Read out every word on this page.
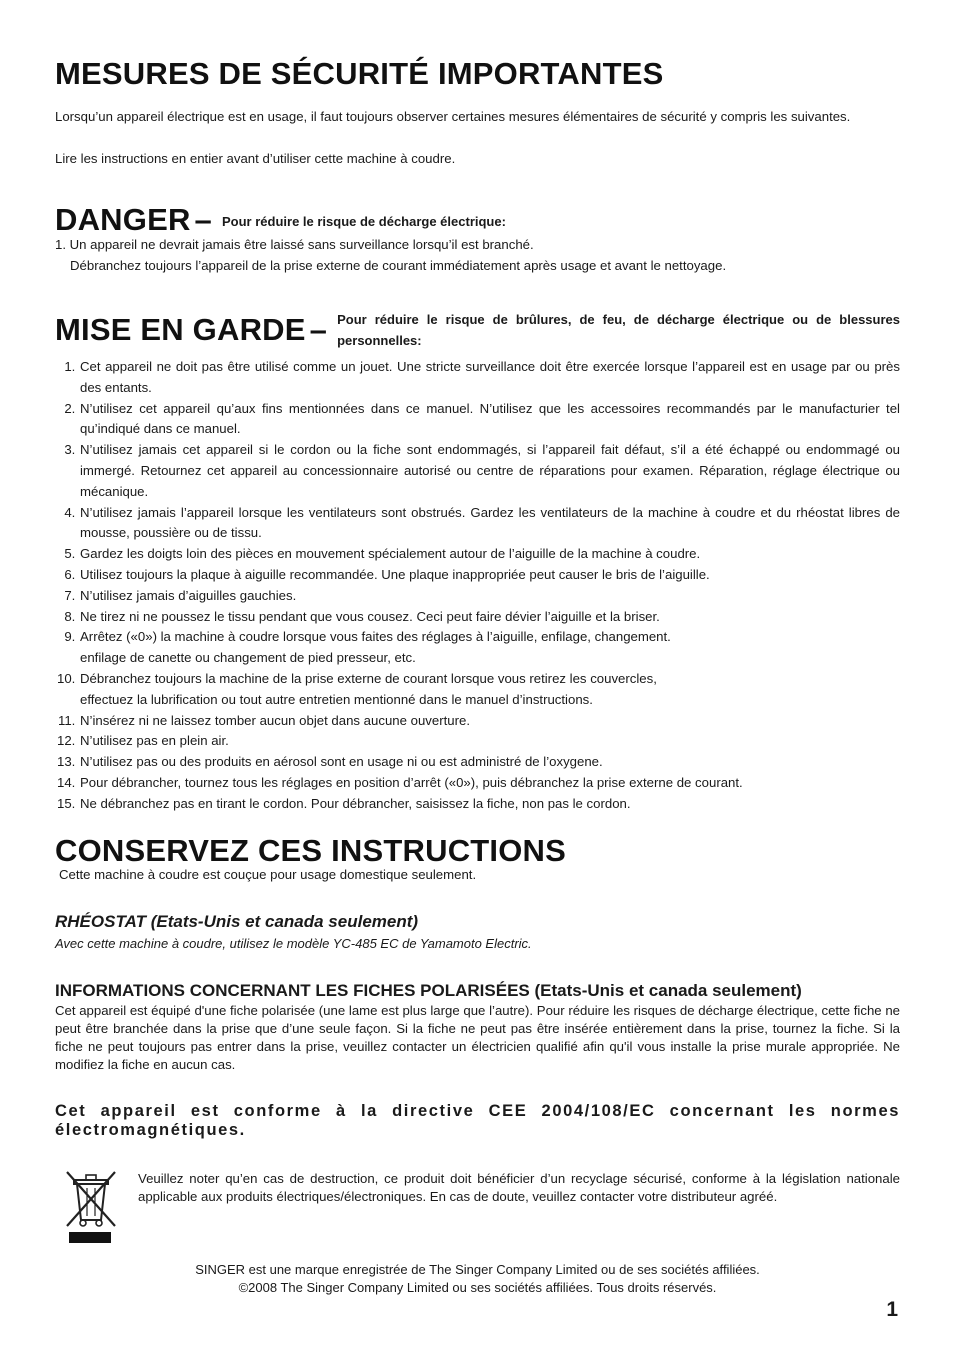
MESURES DE SÉCURITÉ IMPORTANTES

Lorsqu’un appareil électrique est en usage, il faut toujours observer certaines mesures élémentaires de sécurité y compris les suivantes.

Lire les instructions en entier avant d’utiliser cette machine à coudre.

DANGER – Pour réduire le risque de décharge électrique:

1. Un appareil ne devrait jamais être laissé sans surveillance lorsqu’il est branché.

Débranchez toujours l’appareil de la prise externe de courant immédiatement après usage et avant le nettoyage.

MISE EN GARDE – Pour réduire le risque de brûlures, de feu, de décharge électrique ou de blessures personnelles:
1. Cet appareil ne doit pas être utilisé comme un jouet. Une stricte surveillance doit être exercée lorsque l’appareil est en usage par ou près des entants.
2. N’utilisez cet appareil qu’aux fins mentionnées dans ce manuel. N’utilisez que les accessoires recommandés par le manufacturier tel qu’indiqué dans ce manuel.
3. N’utilisez jamais cet appareil si le cordon ou la fiche sont endommagés, si l’appareil fait défaut, s’il a été échappé ou endommagé ou immergé. Retournez cet appareil au concessionnaire autorisé ou centre de réparations pour examen. Réparation, réglage électrique ou mécanique.
4. N’utilisez jamais l’appareil lorsque les ventilateurs sont obstrués. Gardez les ventilateurs de la machine à coudre et du rhéostat libres de mousse, poussière ou de tissu.
5. Gardez les doigts loin des pièces en mouvement spécialement autour de l’aiguille de la machine à coudre.
6. Utilisez toujours la plaque à aiguille recommandée. Une plaque inappropriée peut causer le bris de l’aiguille.
7. N’utilisez jamais d’aiguilles gauchies.
8. Ne tirez ni ne poussez le tissu pendant que vous cousez. Ceci peut faire dévier l’aiguille et la briser.
9. Arrêtez («0») la machine à coudre lorsque vous faites des réglages à l’aiguille, enfilage, changement.
enfilage de canette ou changement de pied presseur, etc.
10. Débranchez toujours la machine de la prise externe de courant lorsque vous retirez les couvercles,
effectuez la lubrification ou tout autre entretien mentionné dans le manuel d’instructions.
11. N’insérez ni ne laissez tomber aucun objet dans aucune ouverture.
12. N’utilisez pas en plein air.
13. N’utilisez pas ou des produits en aérosol sont en usage ni ou est administré de l’oxygene.
14. Pour débrancher, tournez tous les réglages en position d’arrêt («0»), puis débranchez la prise externe de courant.
15. Ne débranchez pas en tirant le cordon. Pour débrancher, saisissez la fiche, non pas le cordon.
CONSERVEZ CES INSTRUCTIONS

Cette machine à coudre est couçue pour usage domestique seulement.

RHÉOSTAT (Etats-Unis et canada seulement)

Avec cette machine à coudre, utilisez le modèle YC-485 EC de Yamamoto Electric.

INFORMATIONS CONCERNANT LES FICHES POLARISÉES (Etats-Unis et canada seulement)

Cet appareil est équipé d'une fiche polarisée (une lame est plus large que l’autre). Pour réduire les risques de décharge électrique, cette fiche ne peut être branchée dans la prise que d’une seule façon. Si la fiche ne peut pas être insérée entièrement dans la prise, tournez la fiche. Si la fiche ne peut toujours pas entrer dans la prise, veuillez contacter un électricien qualifié afin qu'il vous installe la prise murale appropriée. Ne modifiez la fiche en aucun cas.

Cet appareil est conforme à la directive CEE 2004/108/EC concernant les normes électromagnétiques.

Veuillez noter qu’en cas de destruction, ce produit doit bénéficier d’un recyclage sécurisé, conforme à la législation nationale applicable aux produits électriques/électroniques. En cas de doute, veuillez contacter votre distributeur agréé.

SINGER est une marque enregistrée de The Singer Company Limited ou de ses sociétés affiliées.

©2008 The Singer Company Limited ou ses sociétés affiliées. Tous droits réservés.

1
